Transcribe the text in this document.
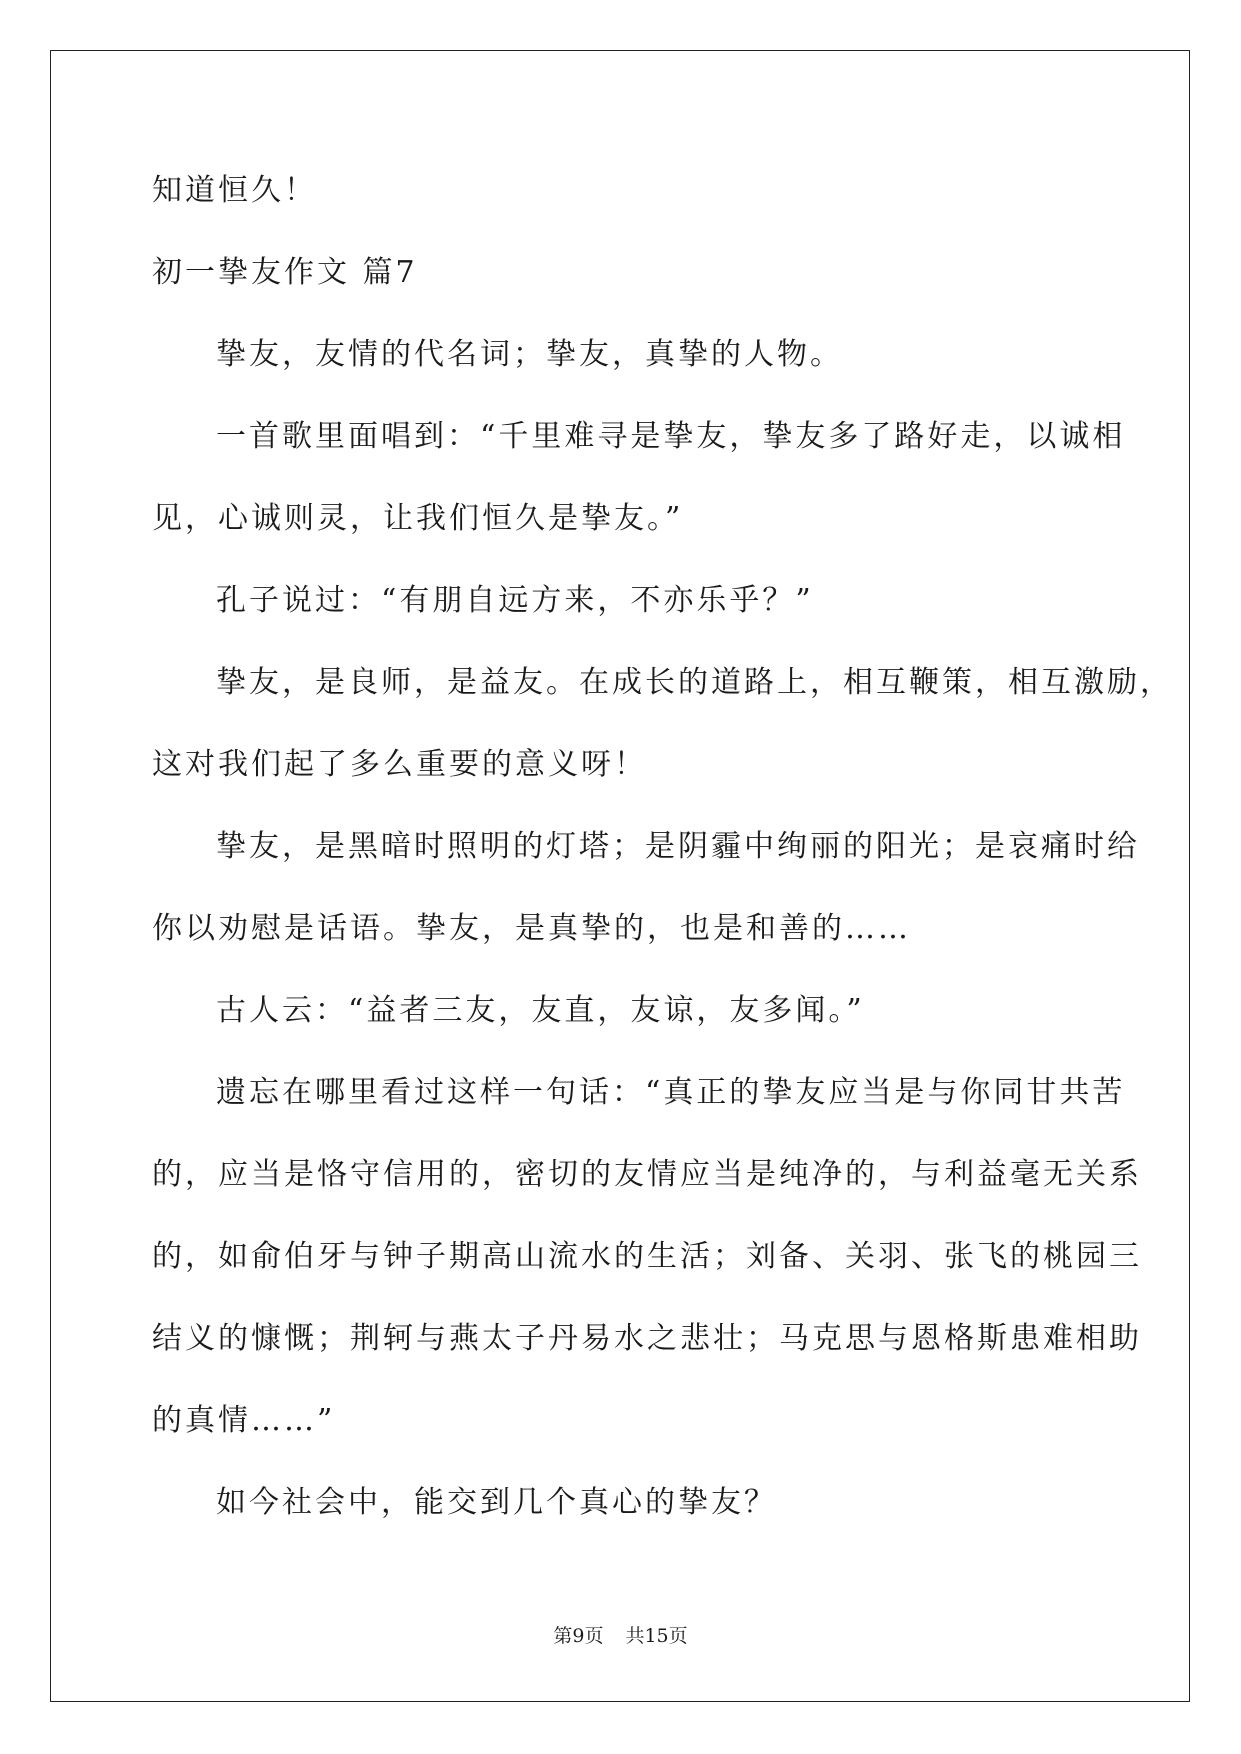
知道恒久！
初一挚友作文 篇7
挚友，友情的代名词；挚友，真挚的人物。
一首歌里面唱到：“千里难寻是挚友，挚友多了路好走，以诚相
见，心诚则灵，让我们恒久是挚友。”
孔子说过：“有朋自远方来，不亦乐乎？”
挚友，是良师，是益友。在成长的道路上，相互鞭策，相互激励，
这对我们起了多么重要的意义呀！
挚友，是黑暗时照明的灯塔；是阴霾中绚丽的阳光；是哀痛时给
你以劝慰是话语。挚友，是真挚的，也是和善的……
古人云：“益者三友，友直，友谅，友多闻。”
遗忘在哪里看过这样一句话：“真正的挚友应当是与你同甘共苦
的，应当是恪守信用的，密切的友情应当是纯净的，与利益毫无关系
的，如俞伯牙与钟子期高山流水的生活；刘备、关羽、张飞的桃园三
结义的慷慨；荆轲与燕太子丹易水之悲壮；马克思与恩格斯患难相助
的真情……”
如今社会中，能交到几个真心的挚友？
第9页 共15页
